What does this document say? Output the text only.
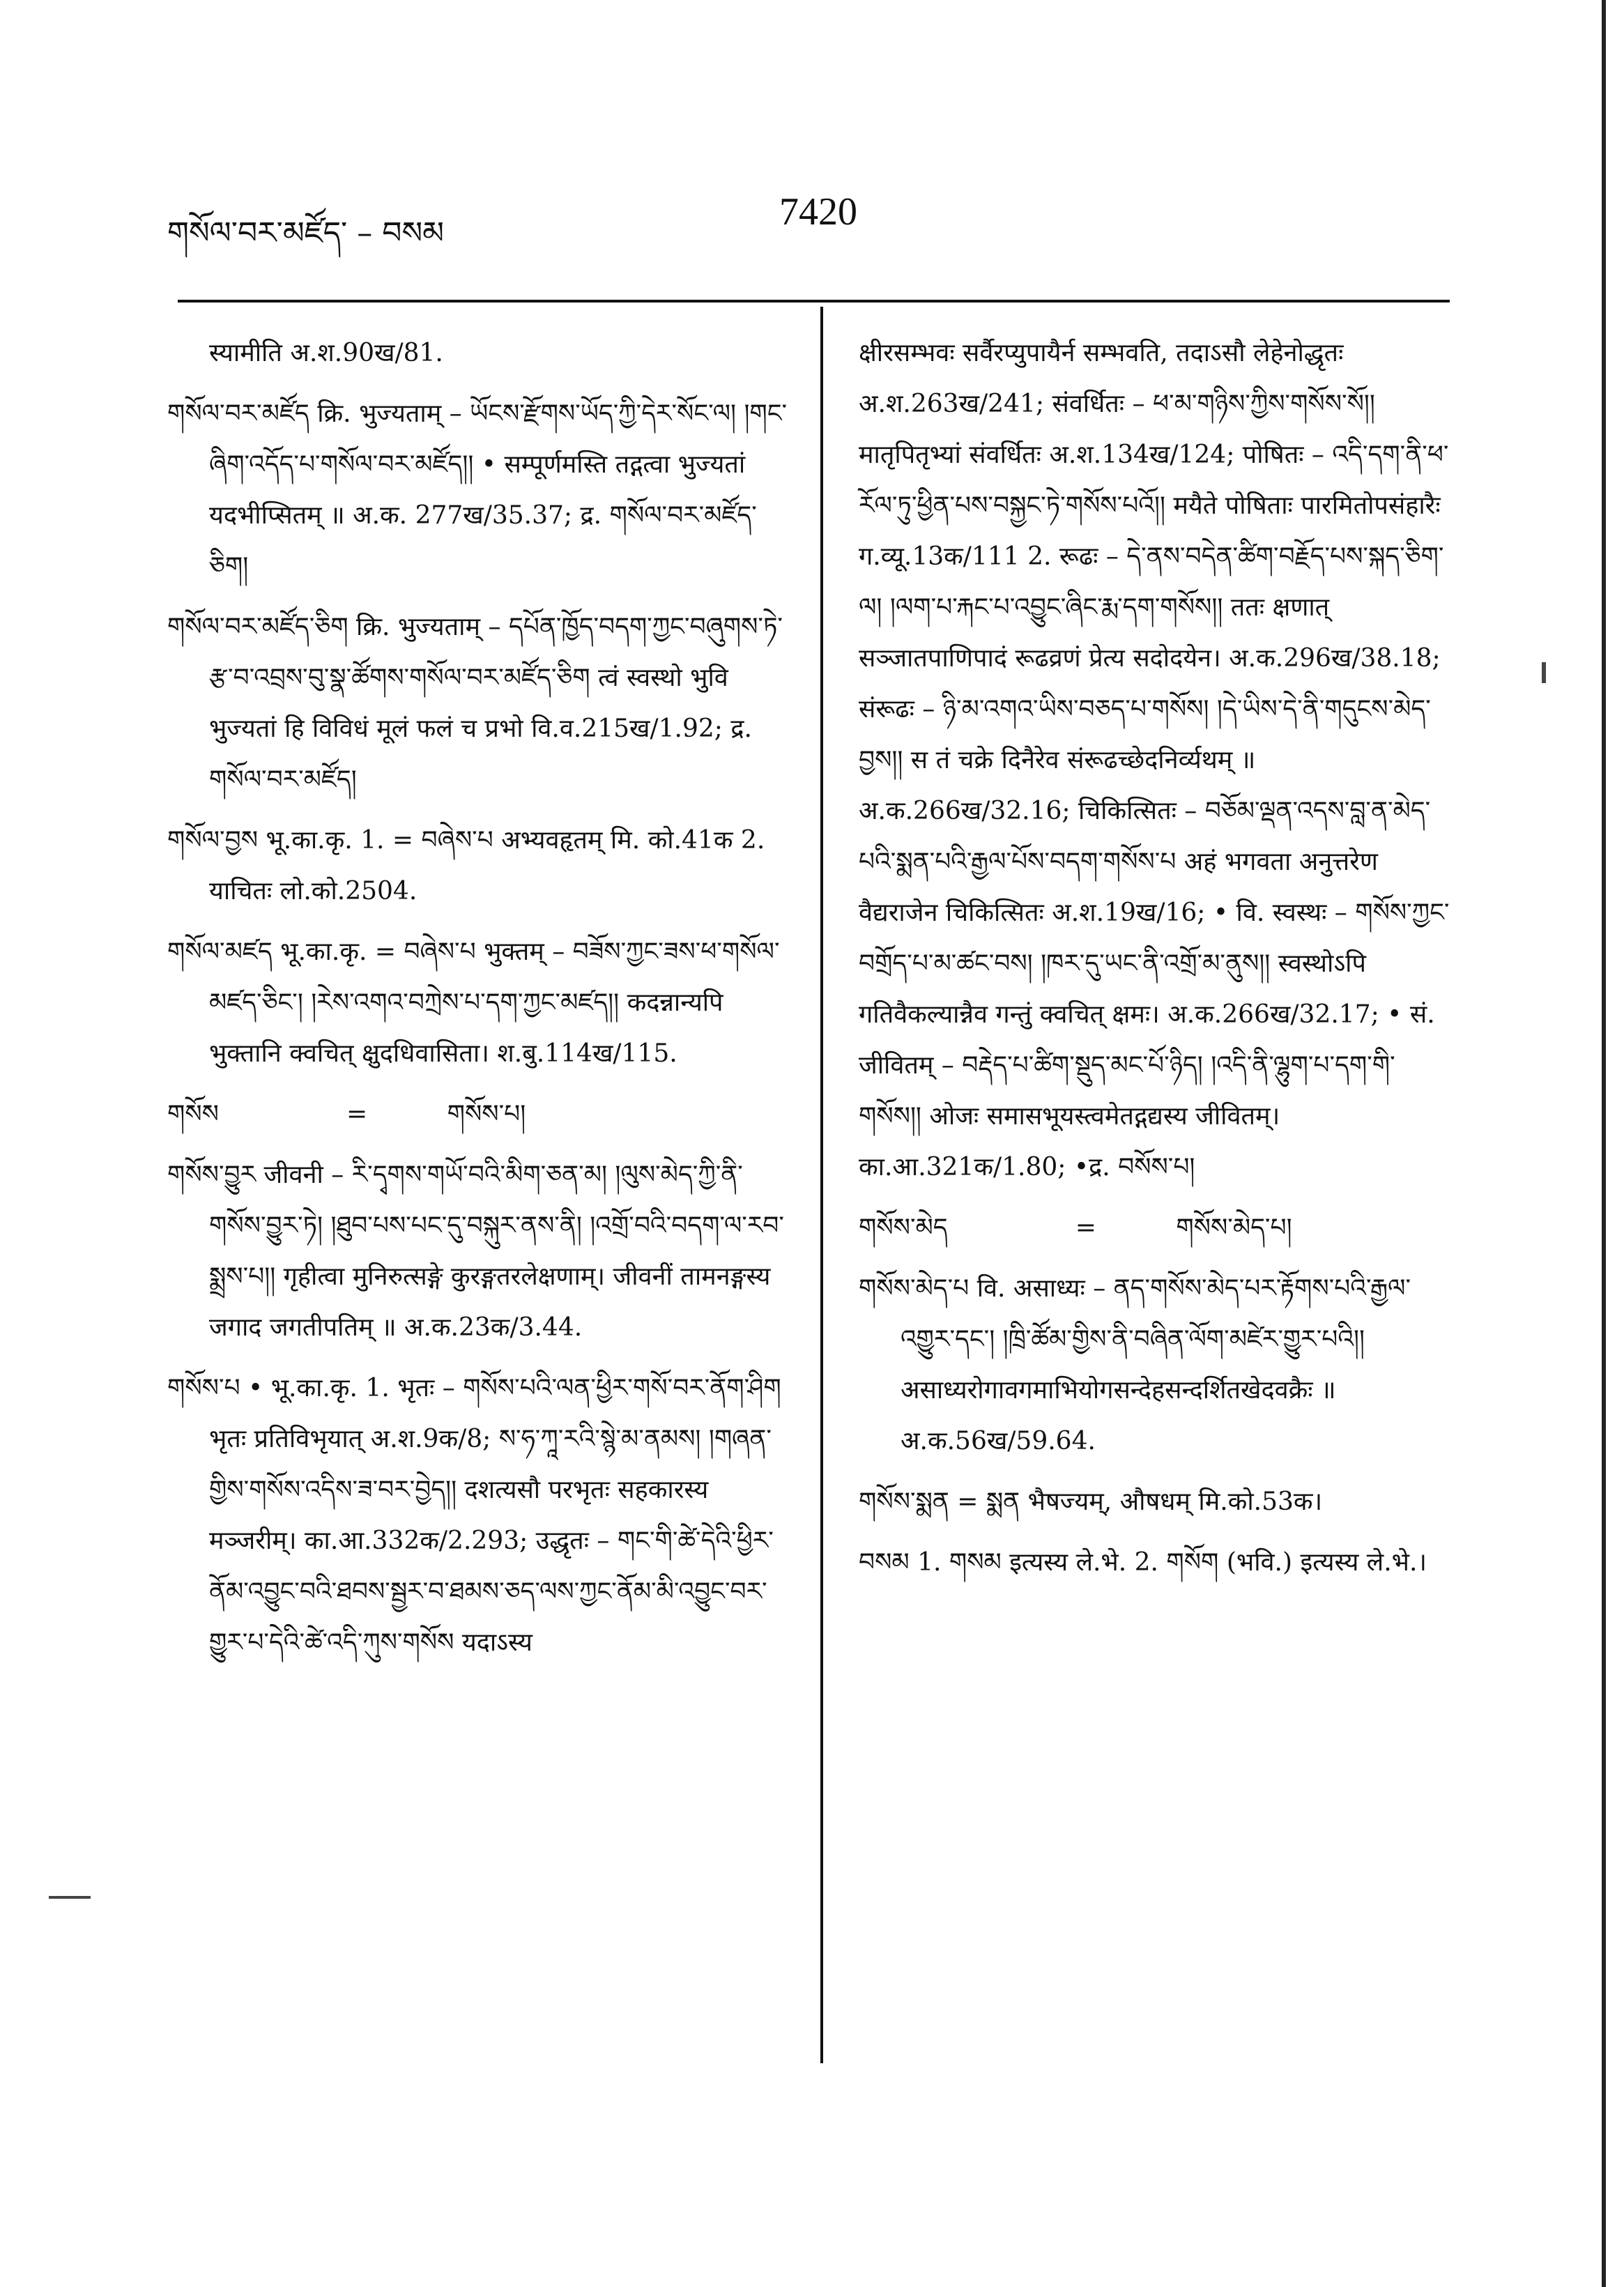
གསོལ་བར་མཛོད་ – བསམ	7420
स्यामीति अ.श.90ख/81.
གསོལ་བར་མཛོད क्रि. भुज्यताम् – ཡོངས་རྫོགས་ཡོད་ཀྱི་དེར་སོང་ལ། །གང་ཞིག་འདོད་པ་གསོལ་བར་མཛོད།། • सम्पूर्णमस्ति तद्गत्वा भुज्यतां यदभीप्सितम् ॥ अ.क. 277ख/35.37; द्र. གསོལ་བར་མཛོད་ཅིག།
གསོལ་བར་མཛོད་ཅིག क्रि. भुज्यताम् – དཔོན་ཁྱོད་བདག་ཀྱང་བཞུགས་ཏེ་རྩ་བ་འབྲས་བུ་སྣ་ཚོགས་གསོལ་བར་མཛོད་ཅིག त्वं स्वस्थो भुवि भुज्यतां हि विविधं मूलं फलं च प्रभो वि.व.215ख/1.92; द्र. གསོལ་བར་མཛོད།
གསོལ་བྱས भू.का.कृ. 1. = བཞེས་པ अभ्यवहृतम् मि. को.41क 2. याचितः लो.को.2504.
གསོལ་མཛད भू.का.कृ. = བཞེས་པ भुक्तम् – བཟོས་ཀྱང་ཟས་ཕ་གསོལ་མཛད་ཅིང་། །རེས་འགའ་བཀྲེས་པ་དག་ཀྱང་མཛད།། कदन्नान्यपि भुक्तानि क्वचित् क्षुदधिवासिता। श.बु.114ख/115.
གསོས                =          གསོས་པ།
གསོས་བྱུར जीवनी – རི་དྭགས་གཡོ་བའི་མིག་ཅན་མ། །ལུས་མེད་ཀྱི་ནི་གསོས་བྱུར་ཏེ། །ཐུབ་པས་པང་དུ་བསྐུར་ནས་ནི། །འགྲོ་བའི་བདག་ལ་རབ་སྨྲས་པ།། गृहीत्वा मुनिरुत्सङ्गे कुरङ्गतरलेक्षणाम्। जीवनीं तामनङ्गस्य जगाद जगतीपतिम् ॥ अ.क.23क/3.44.
གསོས་པ • भू.का.कृ. 1. भृतः – གསོས་པའི་ལན་ཕྱིར་གསོ་བར་ནོག་ཤིག भृतः प्रतिविभृयात् अ.श.9क/8; ས་ཧ་ཀཱ་རའི་སྙེ་མ་ནམས། །གཞན་གྱིས་གསོས་འདིས་ཟ་བར་བྱེད།། दशत्यसौ परभृतः सहकारस्य मञ्जरीम्। का.आ.332क/2.293; उद्धृतः – གང་གི་ཚེ་དེའི་ཕྱིར་ནོམ་འབྱུང་བའི་ཐབས་སྦྱར་བ་ཐམས་ཅད་ལས་ཀྱང་ནོམ་མི་འབྱུང་བར་གྱུར་པ་དེའི་ཚེ་འདི་ཀུས་གསོས यदाऽस्य
क्षीरसम्भवः सर्वैरप्युपायैर्न सम्भवति, तदाऽसौ लेहेनोद्धृतः अ.श.263ख/241; संवर्धितः – ཕ་མ་གཉིས་ཀྱིས་གསོས་སོ།། मातृपितृभ्यां संवर्धितः अ.श.134ख/124; पोषितः – འདི་དག་ནི་ཕ་རོལ་ཏུ་ཕྱིན་པས་བསྐྱང་ཏེ་གསོས་པའོ།། मयैते पोषिताः पारमितोपसंहारैः ग.व्यू.13क/111 2. रूढः – དེ་ནས་བདེན་ཚིག་བརྗོད་པས་སྐད་ཅིག་ལ། །ལག་པ་རྐང་པ་འབྱུང་ཞིང་རྨ་དག་གསོས།། ततः क्षणात् सञ्जातपाणिपादं रूढव्रणं प्रेत्य सदोदयेन। अ.क.296ख/38.18; संरूढः – ཉི་མ་འགའ་ཡིས་བཅད་པ་གསོས། །དེ་ཡིས་དེ་ནི་གདུངས་མེད་བྱས།། स तं चक्रे दिनैरेव संरूढच्छेदनिर्व्यथम् ॥ अ.क.266ख/32.16; चिकित्सितः – བཅོམ་ལྡན་འདས་བླ་ན་མེད་པའི་སྨན་པའི་རྒྱལ་པོས་བདག་གསོས་པ अहं भगवता अनुत्तरेण वैद्यराजेन चिकित्सितः अ.श.19ख/16; • वि. स्वस्थः – གསོས་ཀྱང་བགྲོད་པ་མ་ཚང་བས། །ཁར་དུ་ཡང་ནི་འགྲོ་མ་ནུས།། स्वस्थोऽपि गतिवैकल्यान्नैव गन्तुं क्वचित् क्षमः। अ.क.266ख/32.17; • सं. जीवितम् – བརྡེད་པ་ཚིག་སྡུད་མང་པོ་ཉིད། །འདི་ནི་ལྷུག་པ་དག་གི་གསོས།། ओजः समासभूयस्त्वमेतद्गद्यस्य जीवितम्। का.आ.321क/1.80; •द्र. བསོས་པ།
གསོས་མེད                =          གསོས་མེད་པ།
གསོས་མེད་པ वि. असाध्यः – ནད་གསོས་མེད་པར་རྟོགས་པའི་རྒྱལ་འགྱུར་དང་། །ཁྲི་ཚོམ་གྱིས་ནི་བཞིན་ལོག་མཛེར་གྱུར་པའི།། असाध्यरोगावगमाभियोगसन्देहसन्दर्शितखेदवक्रैः ॥ अ.क.56ख/59.64.
གསོས་སྨན = སྨན भैषज्यम्, औषधम् मि.को.53क।
བསམ 1. གསམ इत्यस्य ले.भे. 2. གསོག (भवि.) इत्यस्य ले.भे.।
